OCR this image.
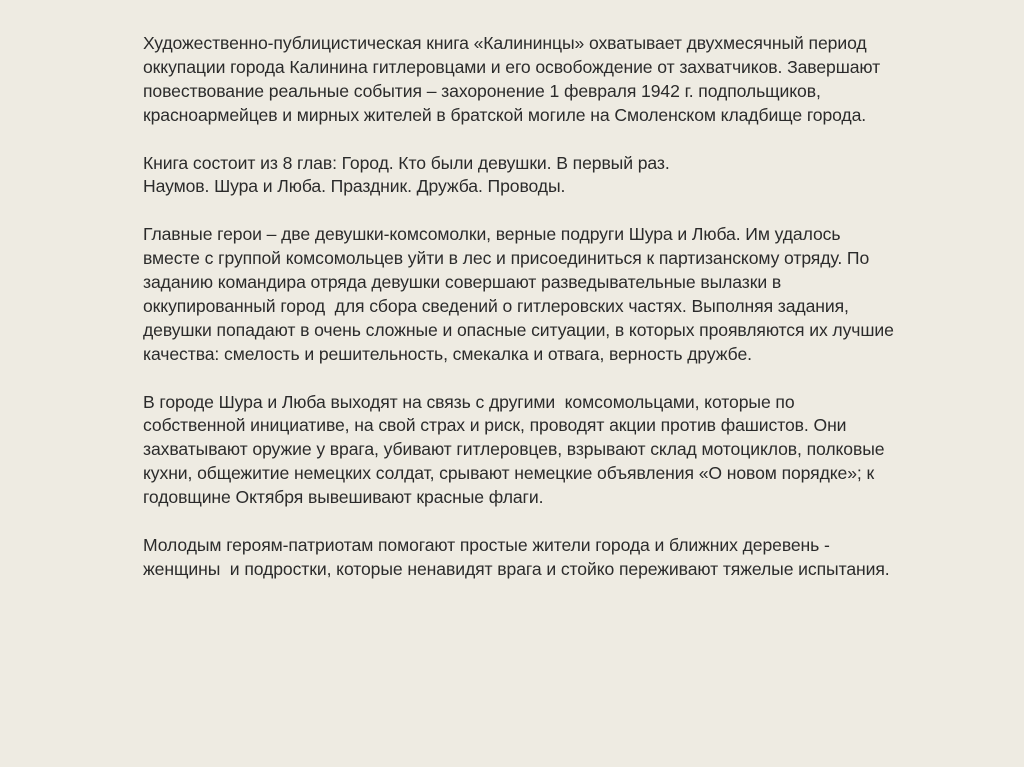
Художественно-публицистическая книга «Калининцы» охватывает двухмесячный период
оккупации города Калинина гитлеровцами и его освобождение от захватчиков. Завершают
повествование реальные события – захоронение 1 февраля 1942 г. подпольщиков,
красноармейцев и мирных жителей в братской могиле на Смоленском кладбище города.

Книга состоит из 8 глав: Город. Кто были девушки. В первый раз.
Наумов. Шура и Люба. Праздник. Дружба. Проводы.

Главные герои – две девушки-комсомолки, верные подруги Шура и Люба. Им удалось
вместе с группой комсомольцев уйти в лес и присоединиться к партизанскому отряду. По
заданию командира отряда девушки совершают разведывательные вылазки в
оккупированный город  для сбора сведений о гитлеровских частях. Выполняя задания,
девушки попадают в очень сложные и опасные ситуации, в которых проявляются их лучшие
качества: смелость и решительность, смекалка и отвага, верность дружбе.

В городе Шура и Люба выходят на связь с другими  комсомольцами, которые по
собственной инициативе, на свой страх и риск, проводят акции против фашистов. Они
захватывают оружие у врага, убивают гитлеровцев, взрывают склад мотоциклов, полковые
кухни, общежитие немецких солдат, срывают немецкие объявления «О новом порядке»; к
годовщине Октября вывешивают красные флаги.

Молодым героям-патриотам помогают простые жители города и ближних деревень -
женщины  и подростки, которые ненавидят врага и стойко переживают тяжелые испытания.
